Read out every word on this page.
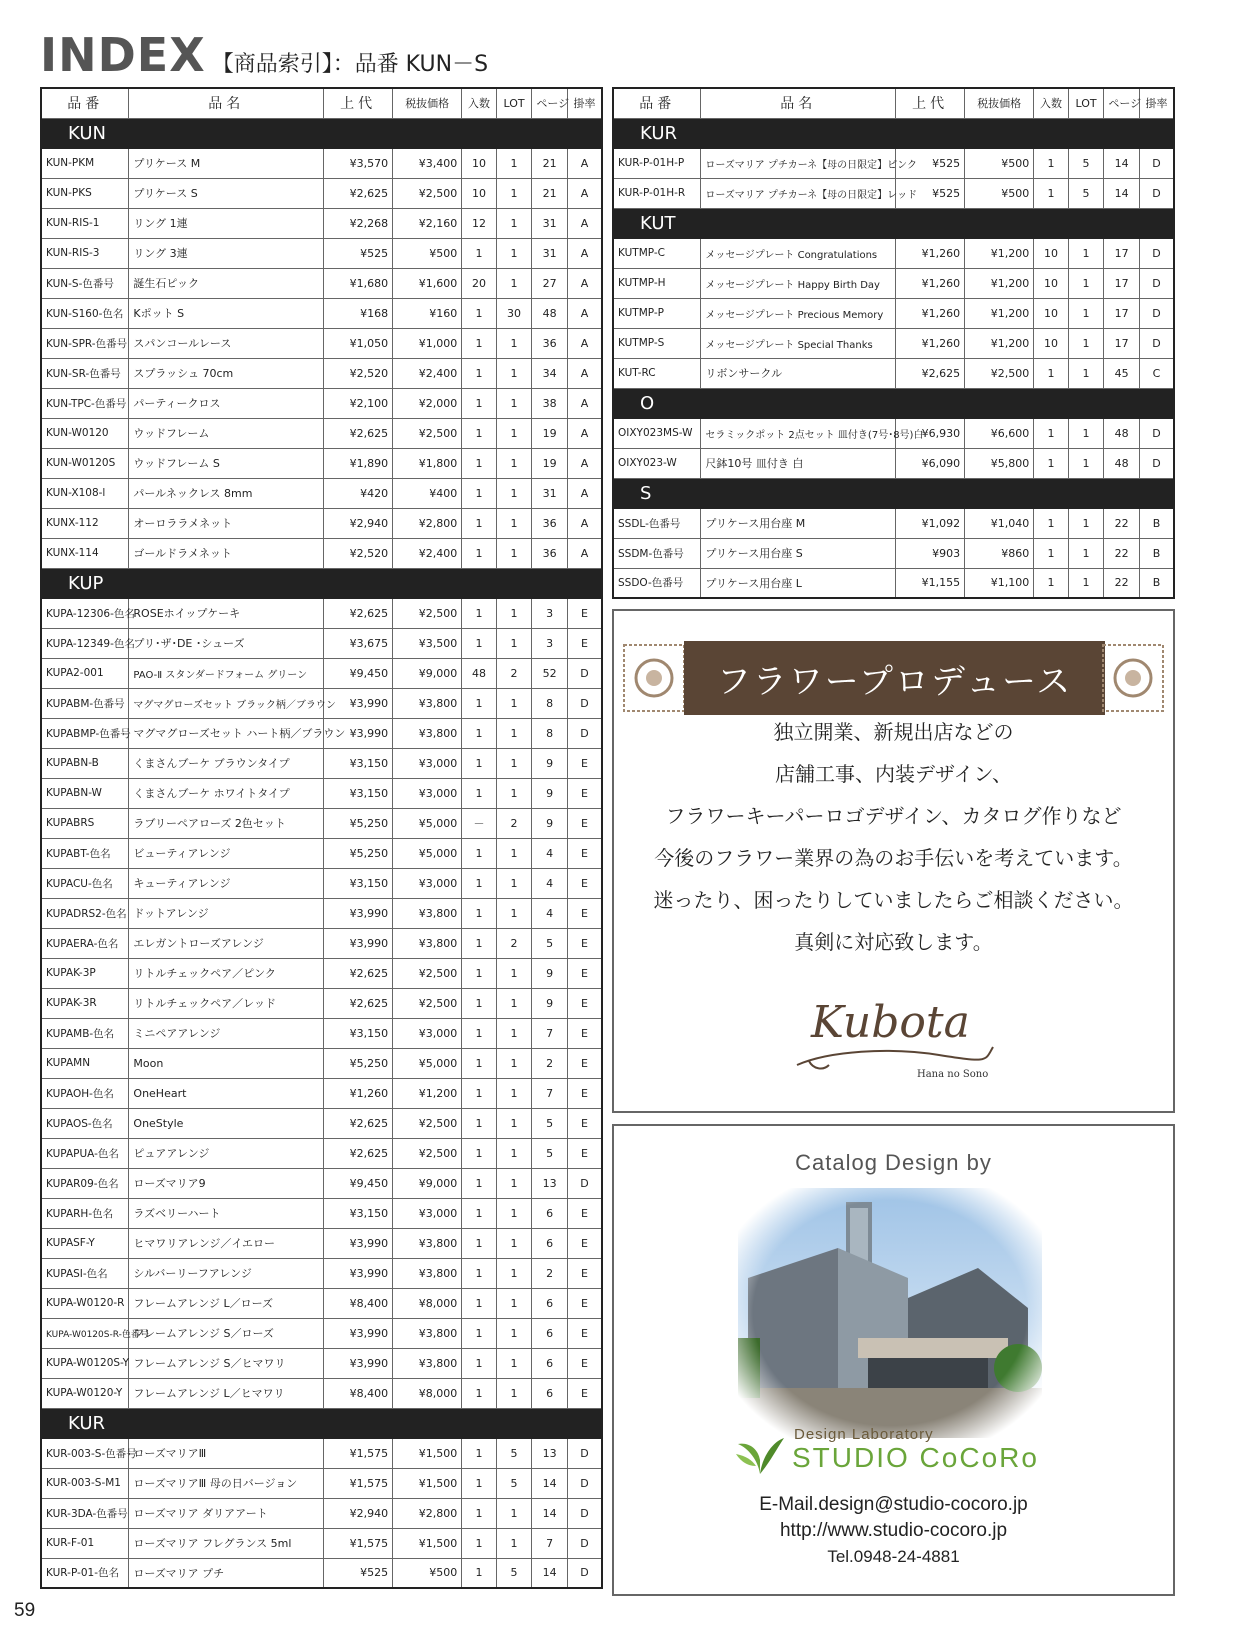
INDEX 【商品索引】：品番 KUN－S
品番	品名	上代	税抜価格	入数	LOT	ページ	掛率
KUN							
KUN-PKM	プリケース M	¥3,570	¥3,400	10	1	21	A
KUN-PKS	プリケース S	¥2,625	¥2,500	10	1	21	A
KUN-RIS-1	リング 1連	¥2,268	¥2,160	12	1	31	A
KUN-RIS-3	リング 3連	¥525	¥500	1	1	31	A
KUN-S-色番号	誕生石ピック	¥1,680	¥1,600	20	1	27	A
KUN-S160-色名	Kポット S	¥168	¥160	1	30	48	A
KUN-SPR-色番号	スパンコールレース	¥1,050	¥1,000	1	1	36	A
KUN-SR-色番号	スプラッシュ 70cm	¥2,520	¥2,400	1	1	34	A
KUN-TPC-色番号	パーティークロス	¥2,100	¥2,000	1	1	38	A
KUN-W0120	ウッドフレーム	¥2,625	¥2,500	1	1	19	A
KUN-W0120S	ウッドフレーム S	¥1,890	¥1,800	1	1	19	A
KUN-X108-l	パールネックレス 8mm	¥420	¥400	1	1	31	A
KUNX-112	オーロララメネット	¥2,940	¥2,800	1	1	36	A
KUNX-114	ゴールドラメネット	¥2,520	¥2,400	1	1	36	A
KUP							
KUPA-12306-色名	ROSEホイップケーキ	¥2,625	¥2,500	1	1	3	E
KUPA-12349-色名	プリ･ザ･DE ･シューズ	¥3,675	¥3,500	1	1	3	E
KUPA2-001	PAO-Ⅱ スタンダードフォーム グリーン	¥9,450	¥9,000	48	2	52	D
KUPABM-色番号	マグマグローズセット ブラック柄／ブラウン	¥3,990	¥3,800	1	1	8	D
KUPABMP-色番号	マグマグローズセット ハート柄／ブラウン	¥3,990	¥3,800	1	1	8	D
KUPABN-B	くまさんブーケ ブラウンタイプ	¥3,150	¥3,000	1	1	9	E
KUPABN-W	くまさんブーケ ホワイトタイプ	¥3,150	¥3,000	1	1	9	E
KUPABRS	ラブリーペアローズ 2色セット	¥5,250	¥5,000	－	2	9	E
KUPABT-色名	ビューティアレンジ	¥5,250	¥5,000	1	1	4	E
KUPACU-色名	キューティアレンジ	¥3,150	¥3,000	1	1	4	E
KUPADRS2-色名	ドットアレンジ	¥3,990	¥3,800	1	1	4	E
KUPAERA-色名	エレガントローズアレンジ	¥3,990	¥3,800	1	2	5	E
KUPAK-3P	リトルチェックペア／ピンク	¥2,625	¥2,500	1	1	9	E
KUPAK-3R	リトルチェックペア／レッド	¥2,625	¥2,500	1	1	9	E
KUPAMB-色名	ミニペアアレンジ	¥3,150	¥3,000	1	1	7	E
KUPAMN	Moon	¥5,250	¥5,000	1	1	2	E
KUPAOH-色名	OneHeart	¥1,260	¥1,200	1	1	7	E
KUPAOS-色名	OneStyle	¥2,625	¥2,500	1	1	5	E
KUPAPUA-色名	ピュアアレンジ	¥2,625	¥2,500	1	1	5	E
KUPAR09-色名	ローズマリア9	¥9,450	¥9,000	1	1	13	D
KUPARH-色名	ラズベリーハート	¥3,150	¥3,000	1	1	6	E
KUPASF-Y	ヒマワリアレンジ／イエロー	¥3,990	¥3,800	1	1	6	E
KUPASI-色名	シルバーリーフアレンジ	¥3,990	¥3,800	1	1	2	E
KUPA-W0120-R	フレームアレンジ L／ローズ	¥8,400	¥8,000	1	1	6	E
KUPA-W0120S-R-色番号	フレームアレンジ S／ローズ	¥3,990	¥3,800	1	1	6	E
KUPA-W0120S-Y	フレームアレンジ S／ヒマワリ	¥3,990	¥3,800	1	1	6	E
KUPA-W0120-Y	フレームアレンジ L／ヒマワリ	¥8,400	¥8,000	1	1	6	E
KUR							
KUR-003-S-色番号	ローズマリアⅢ	¥1,575	¥1,500	1	5	13	D
KUR-003-S-M1	ローズマリアⅢ 母の日バージョン	¥1,575	¥1,500	1	5	14	D
KUR-3DA-色番号	ローズマリア ダリアアート	¥2,940	¥2,800	1	1	14	D
KUR-F-01	ローズマリア フレグランス 5ml	¥1,575	¥1,500	1	1	7	D
KUR-P-01-色名	ローズマリア プチ	¥525	¥500	1	5	14	D
品番	品名	上代	税抜価格	入数	LOT	ページ	掛率
KUR							
KUR-P-01H-P	ローズマリア プチカーネ【母の日限定】ピンク	¥525	¥500	1	5	14	D
KUR-P-01H-R	ローズマリア プチカーネ【母の日限定】レッド	¥525	¥500	1	5	14	D
KUT							
KUTMP-C	メッセージプレート Congratulations	¥1,260	¥1,200	10	1	17	D
KUTMP-H	メッセージプレート Happy Birth Day	¥1,260	¥1,200	10	1	17	D
KUTMP-P	メッセージプレート Precious Memory	¥1,260	¥1,200	10	1	17	D
KUTMP-S	メッセージプレート Special Thanks	¥1,260	¥1,200	10	1	17	D
KUT-RC	リボンサークル	¥2,625	¥2,500	1	1	45	C
O							
OIXY023MS-W	セラミックポット 2点セット 皿付き(7号･8号)白	¥6,930	¥6,600	1	1	48	D
OIXY023-W	尺鉢10号 皿付き 白	¥6,090	¥5,800	1	1	48	D
S							
SSDL-色番号	プリケース用台座 M	¥1,092	¥1,040	1	1	22	B
SSDM-色番号	プリケース用台座 S	¥903	¥860	1	1	22	B
SSDO-色番号	プリケース用台座 L	¥1,155	¥1,100	1	1	22	B
フラワープロデュース
独立開業、新規出店などの
店舗工事、内装デザイン、
フラワーキーパーロゴデザイン、カタログ作りなど
今後のフラワー業界の為のお手伝いを考えています。
迷ったり、困ったりしていましたらご相談ください。
真剣に対応致します。
Kubota
Hana no Sono
Catalog Design by
Design Laboratory
STUDIO CoCoRo
E-Mail.design@studio-cocoro.jp
http://www.studio-cocoro.jp
Tel.0948-24-4881
59
